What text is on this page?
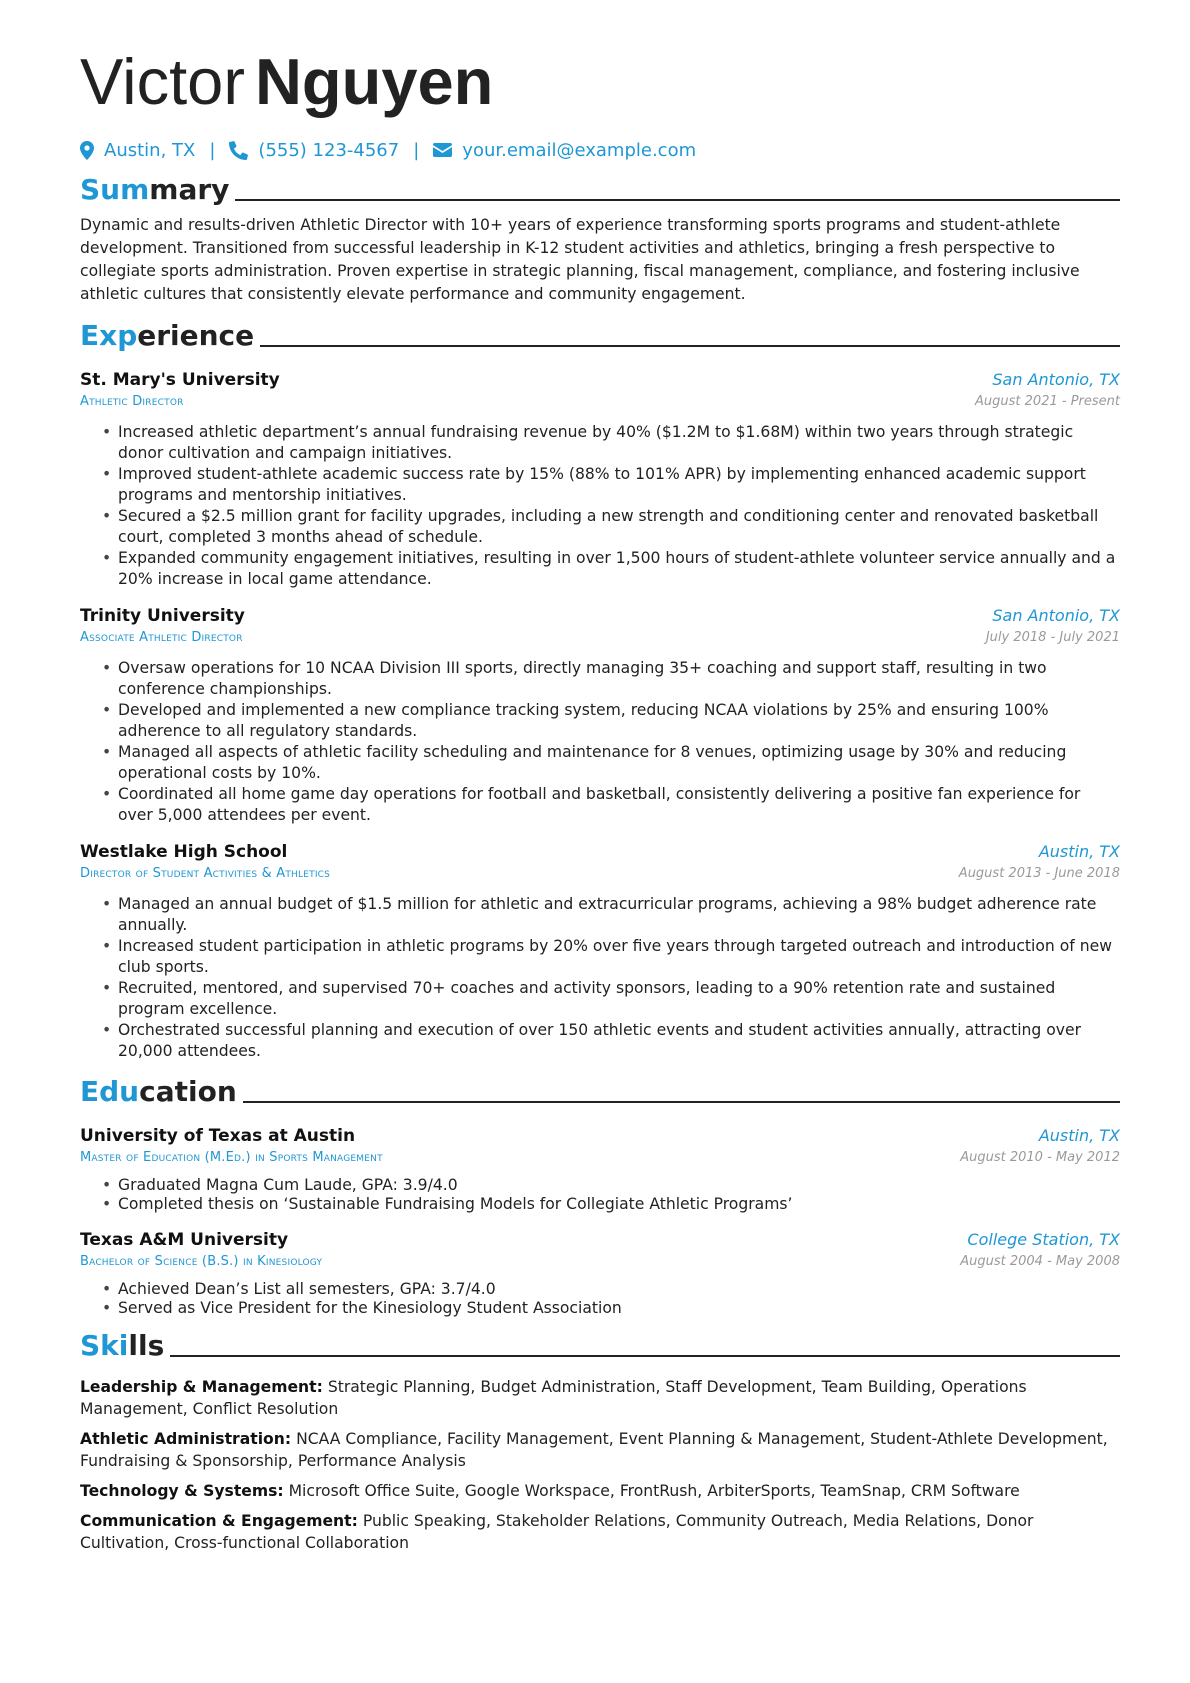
Victor Nguyen
Austin, TX | (555) 123-4567 | your.email@example.com
Summary
Dynamic and results-driven Athletic Director with 10+ years of experience transforming sports programs and student-athlete development. Transitioned from successful leadership in K-12 student activities and athletics, bringing a fresh perspective to collegiate sports administration. Proven expertise in strategic planning, fiscal management, compliance, and fostering inclusive athletic cultures that consistently elevate performance and community engagement.
Experience
St. Mary's University	San Antonio, TX
Athletic Director	August 2021 - Present
• Increased athletic department’s annual fundraising revenue by 40% ($1.2M to $1.68M) within two years through strategic donor cultivation and campaign initiatives.
• Improved student-athlete academic success rate by 15% (88% to 101% APR) by implementing enhanced academic support programs and mentorship initiatives.
• Secured a $2.5 million grant for facility upgrades, including a new strength and conditioning center and renovated basketball court, completed 3 months ahead of schedule.
• Expanded community engagement initiatives, resulting in over 1,500 hours of student-athlete volunteer service annually and a 20% increase in local game attendance.
Trinity University	San Antonio, TX
Associate Athletic Director	July 2018 - July 2021
• Oversaw operations for 10 NCAA Division III sports, directly managing 35+ coaching and support staff, resulting in two conference championships.
• Developed and implemented a new compliance tracking system, reducing NCAA violations by 25% and ensuring 100% adherence to all regulatory standards.
• Managed all aspects of athletic facility scheduling and maintenance for 8 venues, optimizing usage by 30% and reducing operational costs by 10%.
• Coordinated all home game day operations for football and basketball, consistently delivering a positive fan experience for over 5,000 attendees per event.
Westlake High School	Austin, TX
Director of Student Activities & Athletics	August 2013 - June 2018
• Managed an annual budget of $1.5 million for athletic and extracurricular programs, achieving a 98% budget adherence rate annually.
• Increased student participation in athletic programs by 20% over five years through targeted outreach and introduction of new club sports.
• Recruited, mentored, and supervised 70+ coaches and activity sponsors, leading to a 90% retention rate and sustained program excellence.
• Orchestrated successful planning and execution of over 150 athletic events and student activities annually, attracting over 20,000 attendees.
Education
University of Texas at Austin	Austin, TX
Master of Education (M.Ed.) in Sports Management	August 2010 - May 2012
• Graduated Magna Cum Laude, GPA: 3.9/4.0
• Completed thesis on ‘Sustainable Fundraising Models for Collegiate Athletic Programs’
Texas A&M University	College Station, TX
Bachelor of Science (B.S.) in Kinesiology	August 2004 - May 2008
• Achieved Dean’s List all semesters, GPA: 3.7/4.0
• Served as Vice President for the Kinesiology Student Association
Skills
Leadership & Management: Strategic Planning, Budget Administration, Staff Development, Team Building, Operations Management, Conflict Resolution
Athletic Administration: NCAA Compliance, Facility Management, Event Planning & Management, Student-Athlete Development, Fundraising & Sponsorship, Performance Analysis
Technology & Systems: Microsoft Office Suite, Google Workspace, FrontRush, ArbiterSports, TeamSnap, CRM Software
Communication & Engagement: Public Speaking, Stakeholder Relations, Community Outreach, Media Relations, Donor Cultivation, Cross-functional Collaboration
